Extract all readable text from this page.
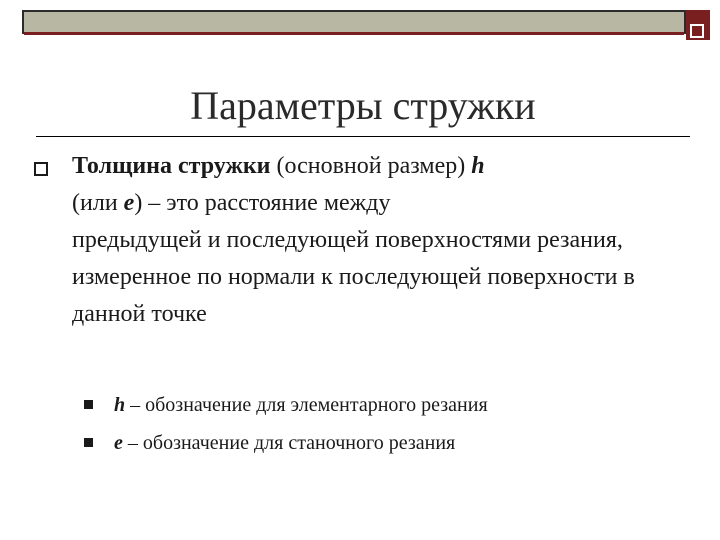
Параметры стружки
Толщина стружки (основной размер) h
(или e) – это расстояние между
предыдущей и последующей поверхностями резания, измеренное по нормали к последующей поверхности в данной точке
h – обозначение для элементарного резания
e – обозначение для станочного резания
